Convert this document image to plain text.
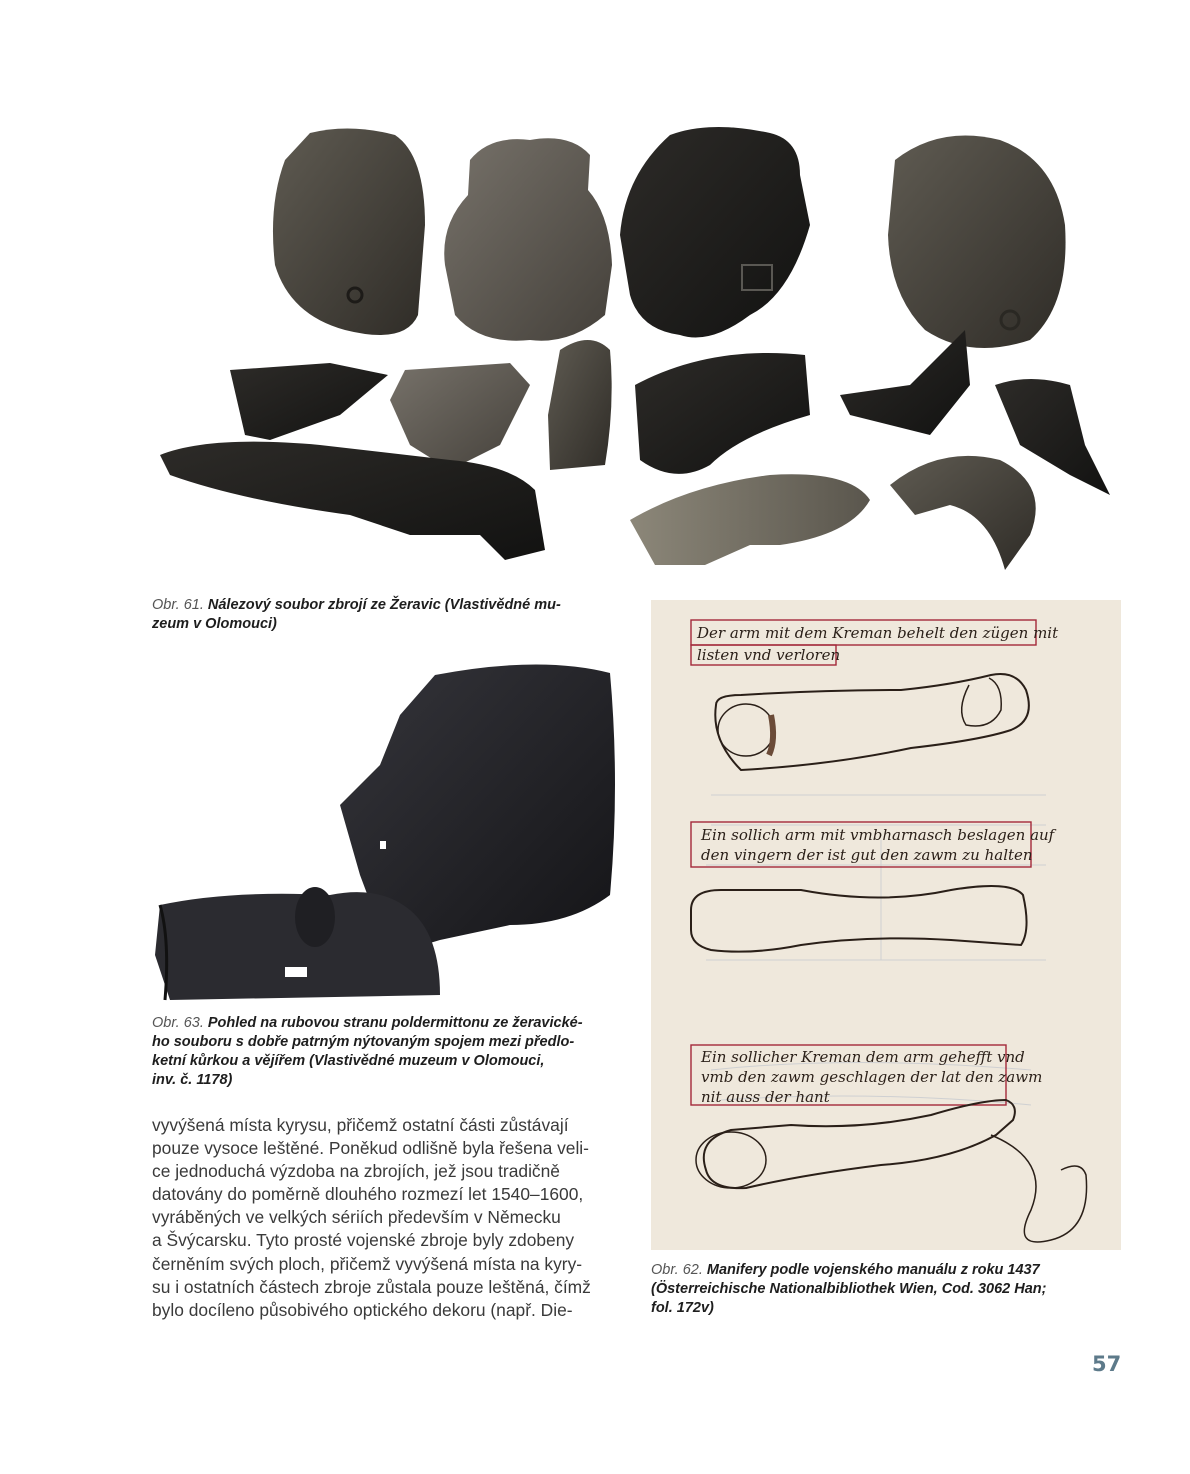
Obr. 61. Nálezový soubor zbrojí ze Žeravic (Vlastivědné mu-
zeum v Olomouci)

Obr. 63. Pohled na rubovou stranu poldermittonu ze žeravické-
ho souboru s dobře patrným nýtovaným spojem mezi předlo-
ketní kůrkou a vějířem (Vlastivědné muzeum v Olomouci,
inv. č. 1178)
Der arm mit dem Kreman behelt den zügen mit
listen vnd verloren
Ein sollich arm mit vmbharnasch beslagen auf
den vingern der ist gut den zawm zu halten
Ein sollicher Kreman dem arm gehefft vnd
vmb den zawm geschlagen der lat den zawm
nit auss der hant
Obr. 62. Manifery podle vojenského manuálu z roku 1437
(Österreichische Nationalbibliothek Wien, Cod. 3062 Han;
fol. 172v)
vyvýšená místa kyrysu, přičemž ostatní části zůstávají
pouze vysoce leštěné. Poněkud odlišně byla řešena veli-
ce jednoduchá výzdoba na zbrojích, jež jsou tradičně
datovány do poměrně dlouhého rozmezí let 1540–1600,
vyráběných ve velkých sériích především v Německu
a Švýcarsku. Tyto prosté vojenské zbroje byly zdobeny
černěním svých ploch, přičemž vyvýšená místa na kyry-
su i ostatních částech zbroje zůstala pouze leštěná, čímž
bylo docíleno působivého optického dekoru (např. Die-
57
